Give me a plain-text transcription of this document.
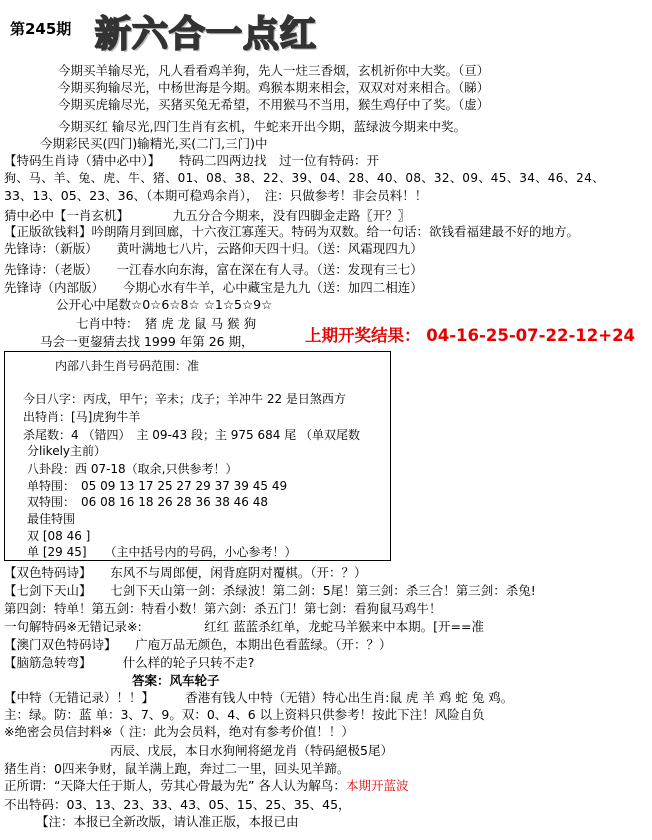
第245期 新六合一点红
今期买羊输尽光，凡人看看鸡羊狗，先人一炷三香烟，玄机祈你中大奖。（亘）
今期买狗输尽光，中杨世海是今期。鸡猴本期来相会，双双对对来相合。（睇）
今期买虎输尽光，买猪买兔无希望，不用猴马不当用，猴生鸡仔中了奖。（虚）
今期买红 输尽光,四门生肖有玄机，牛蛇来开出今期，蓝绿波今期来中奖。
今期彩民买(四门)输精光,买(二门,三门)中
【特码生肖诗（猜中必中）】　　特码二四两边找　过一位有特码：开
狗、马、羊、兔、虎、牛、猪、01、08、38、22、39、04、28、40、08、32、09、45、34、46、24、
33、13、05、23、36、（本期可稳鸡余肖），　注：只做参考！非会员料！！
猜中必中【一肖玄机】　　　　九五分合今期来，没有四脚金走路〖开？〗
【正版欲钱料】吟朗隋月到回廊，十六夜江寡莲天。特码为双数。给一句话：欲钱看福建最不好的地方。
先锋诗：（新版）　　黄叶满地七八片，云路仰天四十归。（送：风霜现四九）
先锋诗：（老版）　　一江春水向东海，富在深在有人寻。（送：发现有三七）
先锋诗（内部版）　　今期心水有牛羊，心中藏宝是九九（送：加四二相连）
公开心中尾数☆0☆6☆8☆ ☆1☆5☆9☆
七肖中特：　猪 虎 龙 鼠 马 猴 狗
马会一更鋆猜去找 1999 年第 26 期，	上期开奖结果： 04-16-25-07-22-12+24
内部八卦生肖号码范围：准
今日八字：丙戌，甲午；辛未；戊子；羊冲牛 22 是日煞西方
出特肖：[马]虎狗牛羊
杀尾数：4 （错四）　主 09-43 段；主 975 684 尾 （单双尾数
分likely主前）
八卦段：西 07-18（取余,只供参考！）
单特围：　05 09 13 17 25 27 29 37 39 45 49
双特围：　06 08 16 18 26 28 36 38 46 48
最佳特围
双 [08 46 ]
单 [29 45]　　（主中括号内的号码，小心参考！）
【双色特码诗】　　东风不与周郎便，闲背庭阴对覆棋。（开：？）
【七剑下天山】　　七剑下天山第一剑：杀绿波！第二剑：5尾！第三剑：杀三合！第三剑：杀兔!
第四剑：特单！第五剑：特看小数！第六剑：杀五门！第七剑：看狗鼠马鸡牛！
一句解特码※无错记录※:　　　　　红红 蓝蓝杀红单，龙蛇马羊猴来中本期。[开==准
【澳门双色特码诗】　　广庖万品无颜色，本期出色看蓝绿。（开：？）
【脑筋急转弯】　　　什么样的轮子只转不走?
答案：风车轮子
【中特（无错记录）！！】　　　香港有钱人中特（无错）特心出生肖:鼠 虎 羊 鸡 蛇 兔 鸡。
主：绿。防：蓝 单：3、7、9。双：0、4、6 以上资料只供参考！按此下注！风险自负
※绝密会员信封料※（ 注：此为会员料，绝对有参考价值！！）
丙辰、戊辰，本日水狗闸将絕龙肖（特码絕极5尾）
猪生肖：0四来争财，鼠羊满上跑，奔过二一里，回头见羊蹄。
正所谓：“天降大任于斯人，劳其心骨最为先” 各人认为解鸟：本期开蓝波
不出特码：03、13、23、33、43、05、15、25、35、45，
【注：本报已全新改版，请认准正版，本报已由
